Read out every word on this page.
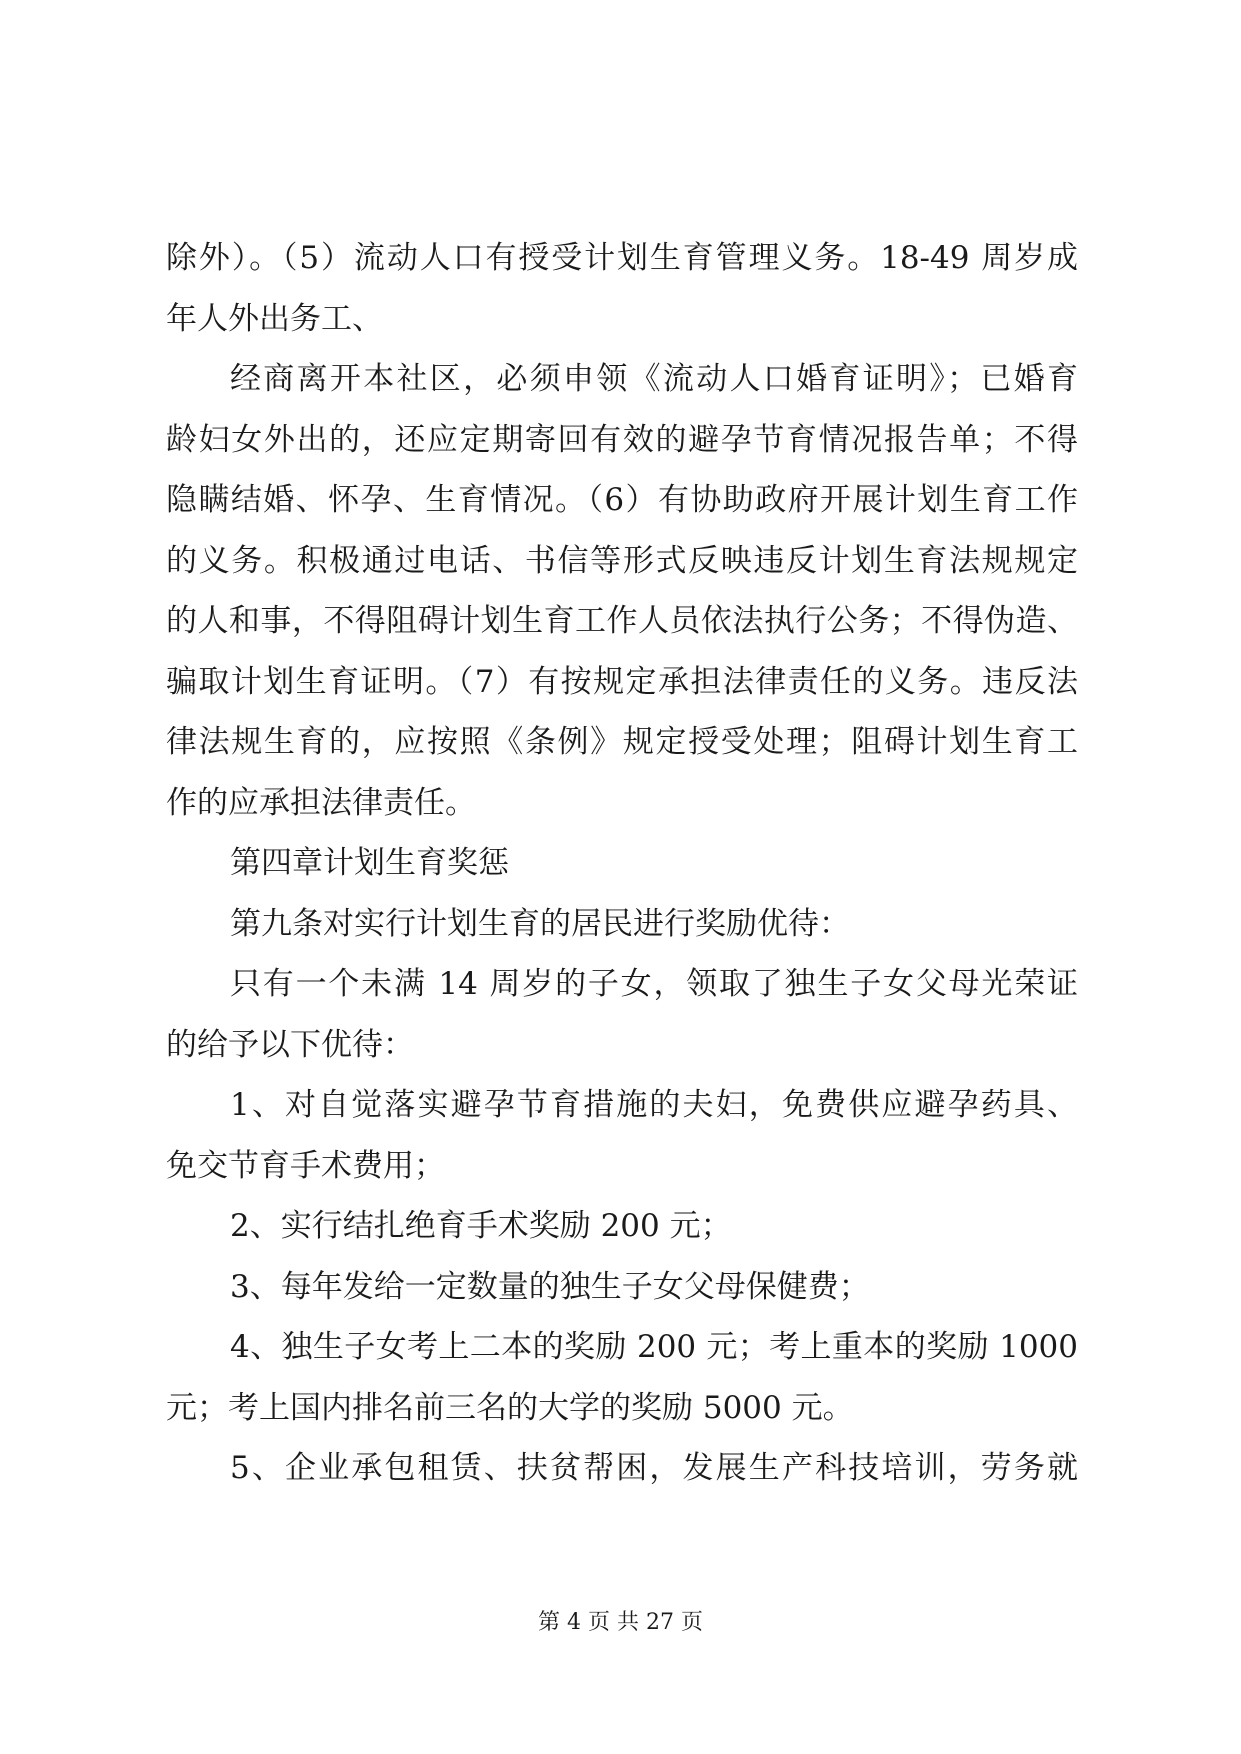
除外）。（5）流动人口有授受计划生育管理义务。18-49 周岁成
年人外出务工、
经商离开本社区，必须申领《流动人口婚育证明》；已婚育
龄妇女外出的，还应定期寄回有效的避孕节育情况报告单；不得
隐瞒结婚、怀孕、生育情况。（6）有协助政府开展计划生育工作
的义务。积极通过电话、书信等形式反映违反计划生育法规规定
的人和事，不得阻碍计划生育工作人员依法执行公务；不得伪造、
骗取计划生育证明。（7）有按规定承担法律责任的义务。违反法
律法规生育的，应按照《条例》规定授受处理；阻碍计划生育工
作的应承担法律责任。
第四章计划生育奖惩
第九条对实行计划生育的居民进行奖励优待：
只有一个未满 14 周岁的子女，领取了独生子女父母光荣证
的给予以下优待：
1、对自觉落实避孕节育措施的夫妇，免费供应避孕药具、
免交节育手术费用；
2、实行结扎绝育手术奖励 200 元；
3、每年发给一定数量的独生子女父母保健费；
4、独生子女考上二本的奖励 200 元；考上重本的奖励 1000
元；考上国内排名前三名的大学的奖励 5000 元。
5、企业承包租赁、扶贫帮困，发展生产科技培训，劳务就
第 4 页 共 27 页
